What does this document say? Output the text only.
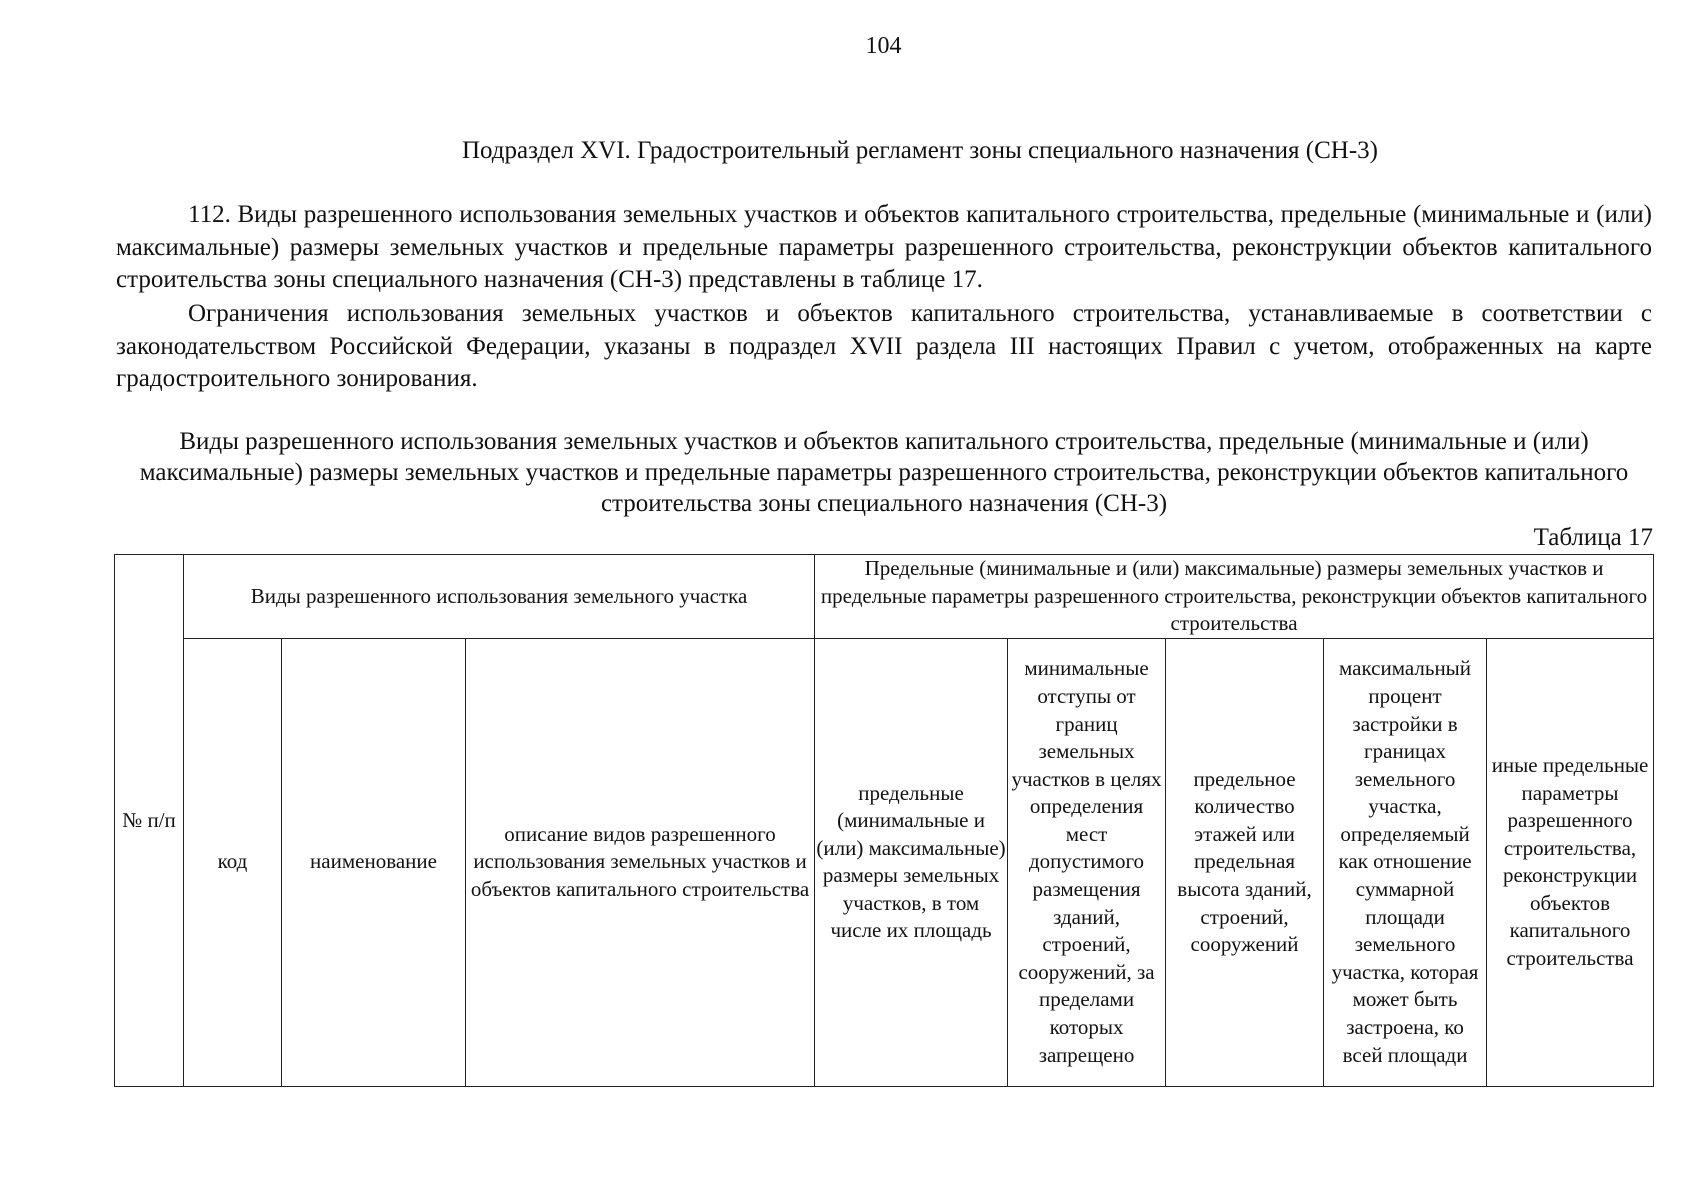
104
Подраздел XVI. Градостроительный регламент зоны специального назначения (СН-3)

112. Виды разрешенного использования земельных участков и объектов капитального строительства, предельные (минимальные и (или) максимальные) размеры земельных участков и предельные параметры разрешенного строительства, реконструкции объектов капитального строительства зоны специального назначения (СН-3) представлены в таблице 17.

Ограничения использования земельных участков и объектов капитального строительства, устанавливаемые в соответствии с законодательством Российской Федерации, указаны в подраздел XVII раздела III настоящих Правил с учетом, отображенных на карте градостроительного зонирования.

Виды разрешенного использования земельных участков и объектов капитального строительства, предельные (минимальные и (или) максимальные) размеры земельных участков и предельные параметры разрешенного строительства, реконструкции объектов капитального строительства зоны специального назначения (СН-3)
Таблица 17
№ п/п	Виды разрешенного использования земельного участка			Предельные (минимальные и (или) максимальные) размеры земельных участков и предельные параметры разрешенного строительства, реконструкции объектов капитального строительства				
	код	наименование	описание видов разрешенного использования земельных участков и объектов капитального строительства	предельные (минимальные и (или) максимальные) размеры земельных участков, в том числе их площадь	минимальные отступы от границ земельных участков в целях определения мест допустимого размещения зданий, строений, сооружений, за пределами которых запрещено	предельное количество этажей или предельная высота зданий, строений, сооружений	максимальный процент застройки в границах земельного участка, определяемый как отношение суммарной площади земельного участка, которая может быть застроена, ко всей площади	иные предельные параметры разрешенного строительства, реконструкции объектов капитального строительства
